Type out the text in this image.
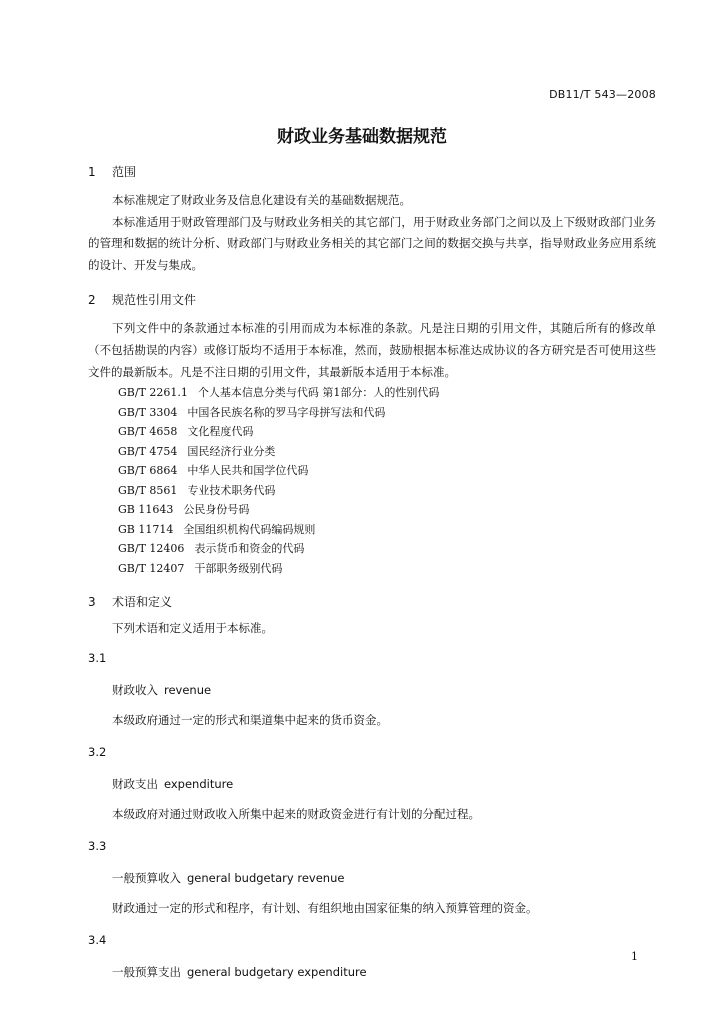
DB11/T 543—2008
财政业务基础数据规范
1 范围

本标准规定了财政业务及信息化建设有关的基础数据规范。

本标准适用于财政管理部门及与财政业务相关的其它部门，用于财政业务部门之间以及上下级财政部门业务的管理和数据的统计分析、财政部门与财政业务相关的其它部门之间的数据交换与共享，指导财政业务应用系统的设计、开发与集成。

2 规范性引用文件

下列文件中的条款通过本标准的引用而成为本标准的条款。凡是注日期的引用文件，其随后所有的修改单（不包括勘误的内容）或修订版均不适用于本标准，然而，鼓励根据本标准达成协议的各方研究是否可使用这些文件的最新版本。凡是不注日期的引用文件，其最新版本适用于本标准。

GB/T 2261.1 个人基本信息分类与代码 第1部分：人的性别代码
GB/T 3304 中国各民族名称的罗马字母拼写法和代码
GB/T 4658 文化程度代码
GB/T 4754 国民经济行业分类
GB/T 6864 中华人民共和国学位代码
GB/T 8561 专业技术职务代码
GB 11643 公民身份号码
GB 11714 全国组织机构代码编码规则
GB/T 12406 表示货币和资金的代码
GB/T 12407 干部职务级别代码
3 术语和定义
下列术语和定义适用于本标准。
3.1
财政收入 revenue
本级政府通过一定的形式和渠道集中起来的货币资金。
3.2
财政支出 expenditure
本级政府对通过财政收入所集中起来的财政资金进行有计划的分配过程。
3.3
一般预算收入 general budgetary revenue
财政通过一定的形式和程序，有计划、有组织地由国家征集的纳入预算管理的资金。
3.4
一般预算支出 general budgetary expenditure
1
